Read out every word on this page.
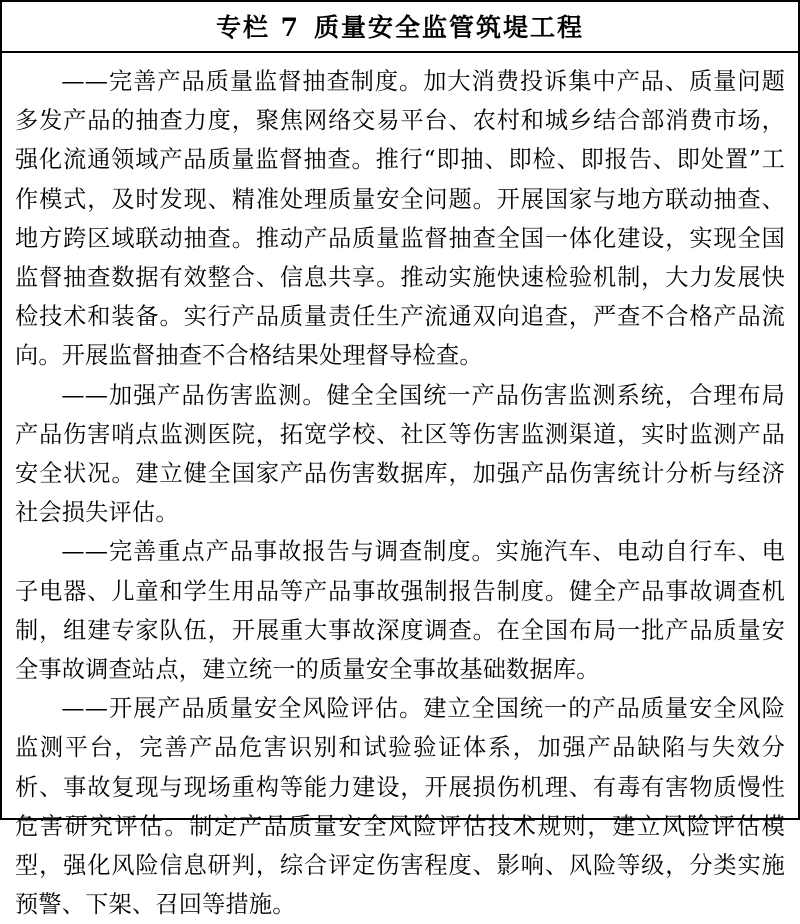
专栏 7 质量安全监管筑堤工程

——完善产品质量监督抽查制度。加大消费投诉集中产品、质量问题多发产品的抽查力度，聚焦网络交易平台、农村和城乡结合部消费市场，强化流通领域产品质量监督抽查。推行“即抽、即检、即报告、即处置”工作模式，及时发现、精准处理质量安全问题。开展国家与地方联动抽查、地方跨区域联动抽查。推动产品质量监督抽查全国一体化建设，实现全国监督抽查数据有效整合、信息共享。推动实施快速检验机制，大力发展快检技术和装备。实行产品质量责任生产流通双向追查，严查不合格产品流向。开展监督抽查不合格结果处理督导检查。

——加强产品伤害监测。健全全国统一产品伤害监测系统，合理布局产品伤害哨点监测医院，拓宽学校、社区等伤害监测渠道，实时监测产品安全状况。建立健全国家产品伤害数据库，加强产品伤害统计分析与经济社会损失评估。

——完善重点产品事故报告与调查制度。实施汽车、电动自行车、电子电器、儿童和学生用品等产品事故强制报告制度。健全产品事故调查机制，组建专家队伍，开展重大事故深度调查。在全国布局一批产品质量安全事故调查站点，建立统一的质量安全事故基础数据库。

——开展产品质量安全风险评估。建立全国统一的产品质量安全风险监测平台，完善产品危害识别和试验验证体系，加强产品缺陷与失效分析、事故复现与现场重构等能力建设，开展损伤机理、有毒有害物质慢性危害研究评估。制定产品质量安全风险评估技术规则，建立风险评估模型，强化风险信息研判，综合评定伤害程度、影响、风险等级，分类实施预警、下架、召回等措施。
